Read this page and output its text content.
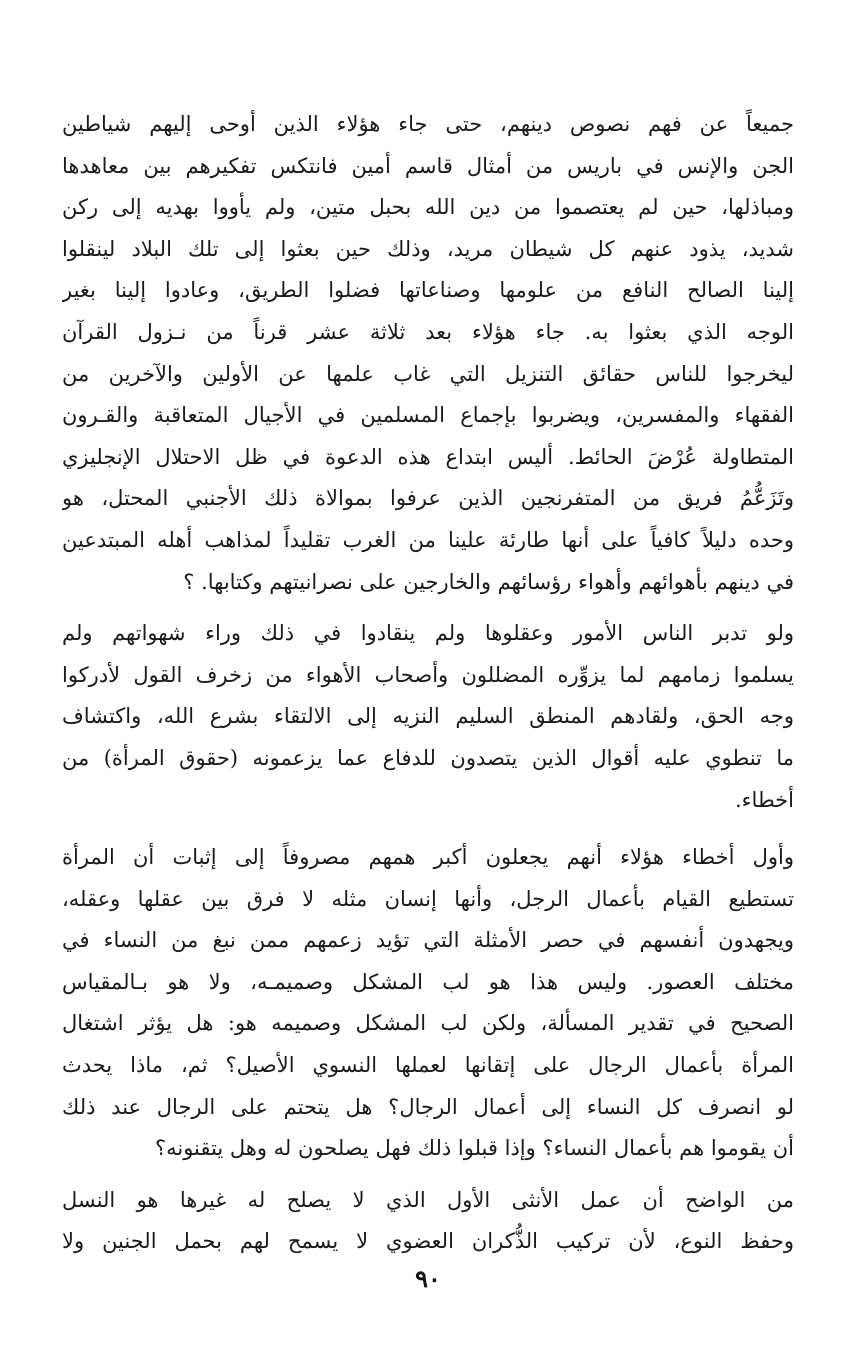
جميعاً عن فهم نصوص دينهم، حتى جاء هؤلاء الذين أوحى إليهم شياطين
الجن والإنس في باريس من أمثال قاسم أمين فانتكس تفكيرهم بين معاهدها
ومباذلها، حين لم يعتصموا من دين الله بحبل متين، ولم يأووا بهديه إلى ركن
شديد، يذود عنهم كل شيطان مريد، وذلك حين بعثوا إلى تلك البلاد لينقلوا
إلينا الصالح النافع من علومها وصناعاتها فضلوا الطريق، وعادوا إلينا بغير
الوجه الذي بعثوا به. جاء هؤلاء بعد ثلاثة عشر قرناً من نـزول القرآن
ليخرجوا للناس حقائق التنزيل التي غاب علمها عن الأولين والآخرين من
الفقهاء والمفسرين، ويضربوا بإجماع المسلمين في الأجيال المتعاقبة والقـرون
المتطاولة عُرْضَ الحائط. أليس ابتداع هذه الدعوة في ظل الاحتلال الإنجليزي
وتَزَعُّمُ فريق من المتفرنجين الذين عرفوا بموالاة ذلك الأجنبي المحتل، هو
وحده دليلاً كافياً على أنها طارئة علينا من الغرب تقليداً لمذاهب أهله المبتدعين
في دينهم بأهوائهم وأهواء رؤسائهم والخارجين على نصرانيتهم وكتابها. ؟
ولو تدبر الناس الأمور وعقلوها ولم ينقادوا في ذلك وراء شهواتهم ولم
يسلموا زمامهم لما يزوِّره المضللون وأصحاب الأهواء من زخرف القول لأدركوا
وجه الحق، ولقادهم المنطق السليم النزيه إلى الالتقاء بشرع الله، واكتشاف
ما تنطوي عليه أقوال الذين يتصدون للدفاع عما يزعمونه (حقوق المرأة) من
أخطاء.
وأول أخطاء هؤلاء أنهم يجعلون أكبر همهم مصروفاً إلى إثبات أن المرأة
تستطيع القيام بأعمال الرجل، وأنها إنسان مثله لا فرق بين عقلها وعقله،
ويجهدون أنفسهم في حصر الأمثلة التي تؤيد زعمهم ممن نبغ من النساء في
مختلف العصور. وليس هذا هو لب المشكل وصميمـه، ولا هو بـالمقياس
الصحيح في تقدير المسألة، ولكن لب المشكل وصميمه هو: هل يؤثر اشتغال
المرأة بأعمال الرجال على إتقانها لعملها النسوي الأصيل؟ ثم، ماذا يحدث
لو انصرف كل النساء إلى أعمال الرجال؟ هل يتحتم على الرجال عند ذلك
أن يقوموا هم بأعمال النساء؟ وإذا قبلوا ذلك فهل يصلحون له وهل يتقنونه؟
من الواضح أن عمل الأنثى الأول الذي لا يصلح له غيرها هو النسل
وحفظ النوع، لأن تركيب الذُّكران العضوي لا يسمح لهم بحمل الجنين ولا
٩٠
